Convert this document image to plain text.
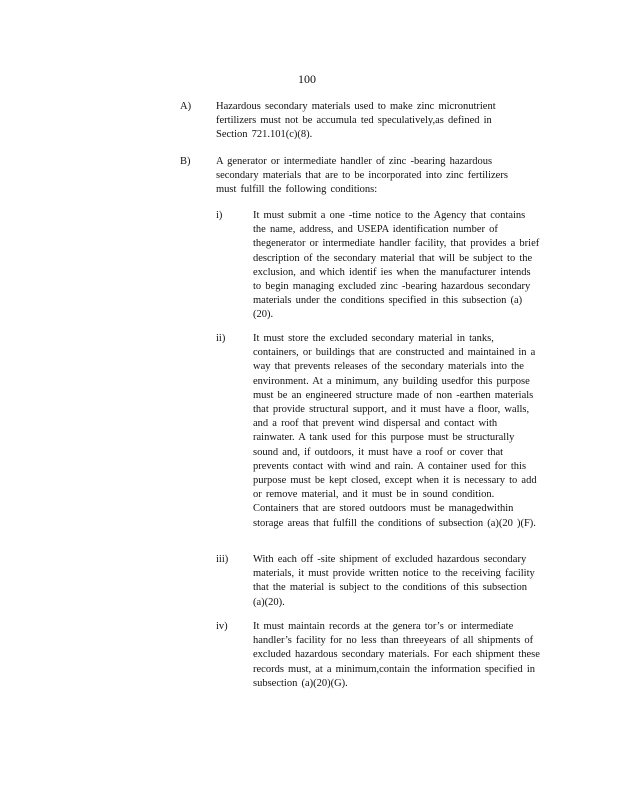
100
A) Hazardous secondary materials used to make zinc micronutrient fertilizers must not be accumula ted speculatively,as defined in Section 721.101(c)(8).
B) A generator or intermediate handler of zinc -bearing hazardous secondary materials that are to be incorporated into zinc fertilizers must fulfill the following conditions:
i)	It must submit a one -time notice to the Agency that contains the name, address, and USEPA identification number of thegenerator or intermediate handler facility, that provides a brief description of the secondary material that will be subject to the exclusion, and which identif ies when the manufacturer intends to begin managing excluded zinc -bearing hazardous secondary materials under the conditions specified in this subsection (a)(20).
ii)	It must store the excluded secondary material in tanks, containers, or buildings that are constructed and maintained in a way that prevents releases of the secondary materials into the environment. At a minimum, any building usedfor this purpose must be an engineered structure made of non -earthen materials that provide structural support, and it must have a floor, walls, and a roof that prevent wind dispersal and contact with rainwater. A tank used for this purpose must be structurally sound and, if outdoors, it must have a roof or cover that prevents contact with wind and rain. A container used for this purpose must be kept closed, except when it is necessary to add or remove material, and it must be in sound condition. Containers that are stored outdoors must be managedwithin storage areas that fulfill the conditions of subsection (a)(20 )(F).
iii) With each off -site shipment of excluded hazardous secondary materials, it must provide written notice to the receiving facility that the material is subject to the conditions of this subsection (a)(20).
iv) It must maintain records at the genera tor’s or intermediate handler’s facility for no less than threeyears of all shipments of excluded hazardous secondary materials. For each shipment these records must, at a minimum,contain the information specified in subsection (a)(20)(G).
